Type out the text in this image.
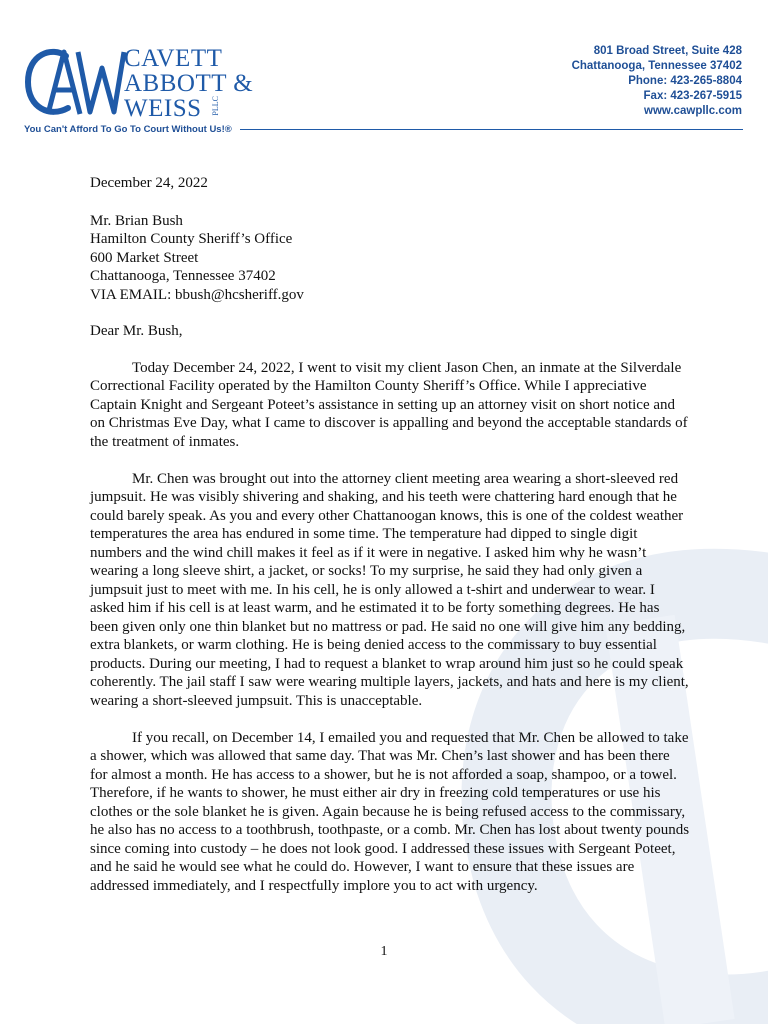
CAVETT
ABBOTT &
WEISS PLLC
You Can't Afford To Go To Court Without Us!®
801 Broad Street, Suite 428
Chattanooga, Tennessee 37402
Phone: 423-265-8804
Fax: 423-267-5915
www.cawpllc.com
December 24, 2022
Mr. Brian Bush
Hamilton County Sheriff’s Office
600 Market Street
Chattanooga, Tennessee 37402
VIA EMAIL: bbush@hcsheriff.gov
Dear Mr. Bush,

Today December 24, 2022, I went to visit my client Jason Chen, an inmate at the Silverdale Correctional Facility operated by the Hamilton County Sheriff’s Office. While I appreciative Captain Knight and Sergeant Poteet’s assistance in setting up an attorney visit on short notice and on Christmas Eve Day, what I came to discover is appalling and beyond the acceptable standards of the treatment of inmates.

Mr. Chen was brought out into the attorney client meeting area wearing a short-sleeved red jumpsuit. He was visibly shivering and shaking, and his teeth were chattering hard enough that he could barely speak. As you and every other Chattanoogan knows, this is one of the coldest weather temperatures the area has endured in some time. The temperature had dipped to single digit numbers and the wind chill makes it feel as if it were in negative. I asked him why he wasn’t wearing a long sleeve shirt, a jacket, or socks! To my surprise, he said they had only given a jumpsuit just to meet with me. In his cell, he is only allowed a t-shirt and underwear to wear. I asked him if his cell is at least warm, and he estimated it to be forty something degrees. He has been given only one thin blanket but no mattress or pad. He said no one will give him any bedding, extra blankets, or warm clothing. He is being denied access to the commissary to buy essential products. During our meeting, I had to request a blanket to wrap around him just so he could speak coherently. The jail staff I saw were wearing multiple layers, jackets, and hats and here is my client, wearing a short-sleeved jumpsuit. This is unacceptable.

If you recall, on December 14, I emailed you and requested that Mr. Chen be allowed to take a shower, which was allowed that same day. That was Mr. Chen’s last shower and has been there for almost a month. He has access to a shower, but he is not afforded a soap, shampoo, or a towel. Therefore, if he wants to shower, he must either air dry in freezing cold temperatures or use his clothes or the sole blanket he is given. Again because he is being refused access to the commissary, he also has no access to a toothbrush, toothpaste, or a comb. Mr. Chen has lost about twenty pounds since coming into custody – he does not look good. I addressed these issues with Sergeant Poteet, and he said he would see what he could do. However, I want to ensure that these issues are addressed immediately, and I respectfully implore you to act with urgency.

1
